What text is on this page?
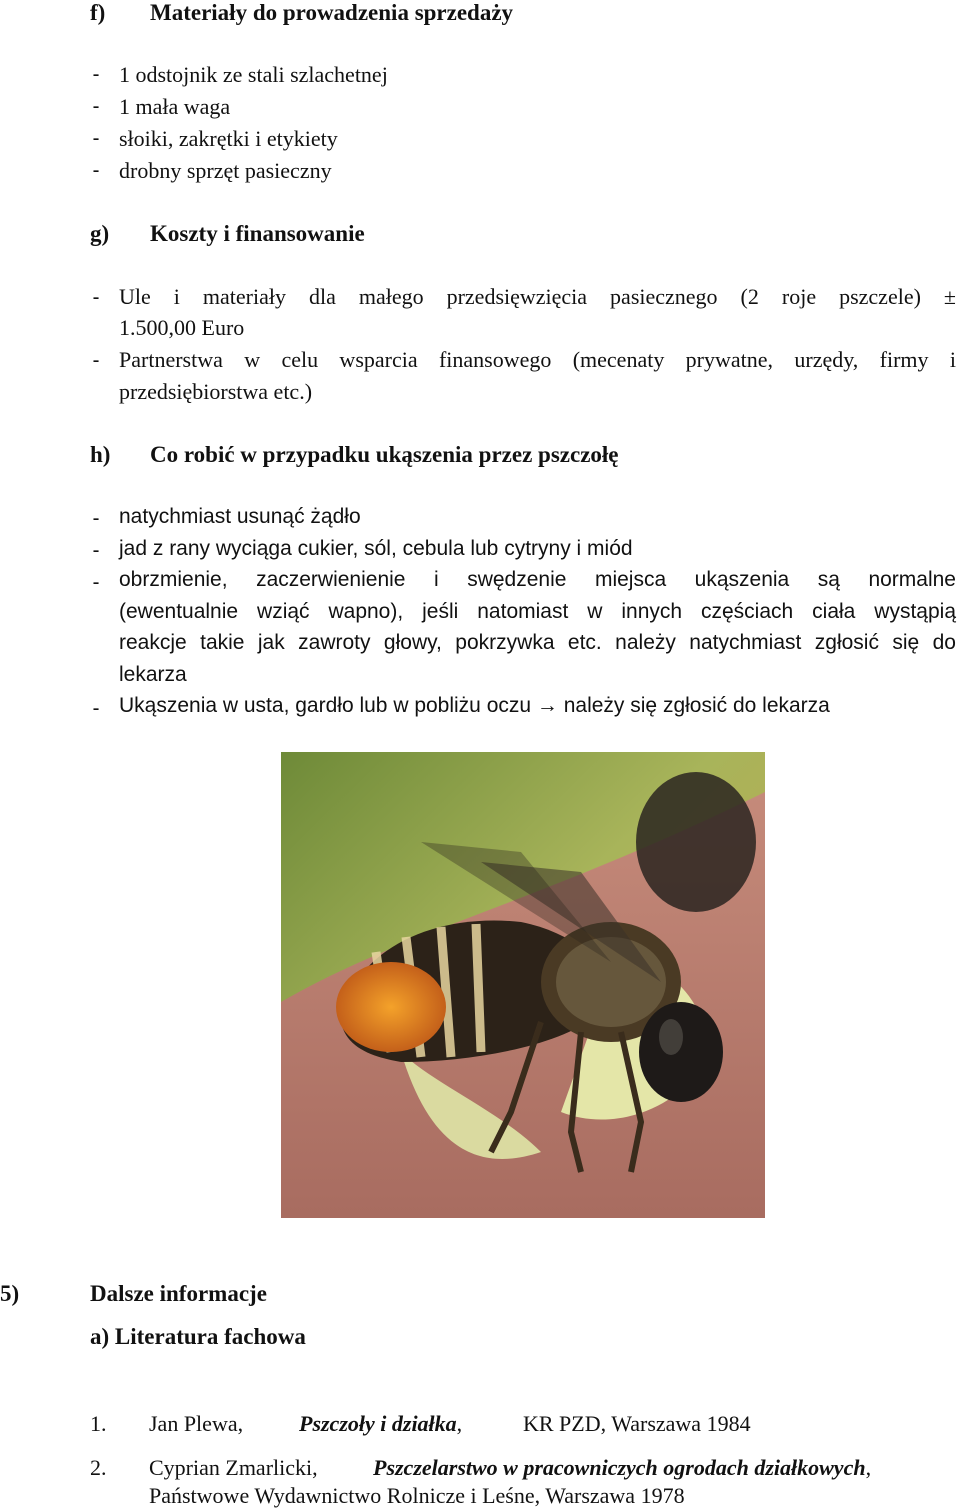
f) Materiały do prowadzenia sprzedaży
- 1 odstojnik ze stali szlachetnej
- 1 mała waga
- słoiki, zakrętki i etykiety
- drobny sprzęt pasieczny
g) Koszty i finansowanie
- Ule i materiały dla małego przedsięwzięcia pasiecznego (2 roje pszczele) ±
1.500,00 Euro
- Partnerstwa w celu wsparcia finansowego (mecenaty prywatne, urzędy, firmy i
przedsiębiorstwa etc.)
h) Co robić w przypadku ukąszenia przez pszczołę
- natychmiast usunąć żądło
- jad z rany wyciąga cukier, sól, cebula lub cytryny i miód
- obrzmienie, zaczerwienienie i swędzenie miejsca ukąszenia są normalne
(ewentualnie wziąć wapno), jeśli natomiast w innych częściach ciała wystąpią
reakcje takie jak zawroty głowy, pokrzywka etc. należy natychmiast zgłosić się do
lekarza
- Ukąszenia w usta, gardło lub w pobliżu oczu → należy się zgłosić do lekarza
5)	Dalsze informacje
a) Literatura fachowa
1. Jan Plewa,	Pszczoły i działka,	KR PZD, Warszawa 1984
2. Cyprian Zmarlicki,	Pszczelarstwo w pracowniczych ogrodach działkowych,
Państwowe Wydawnictwo Rolnicze i Leśne, Warszawa 1978
